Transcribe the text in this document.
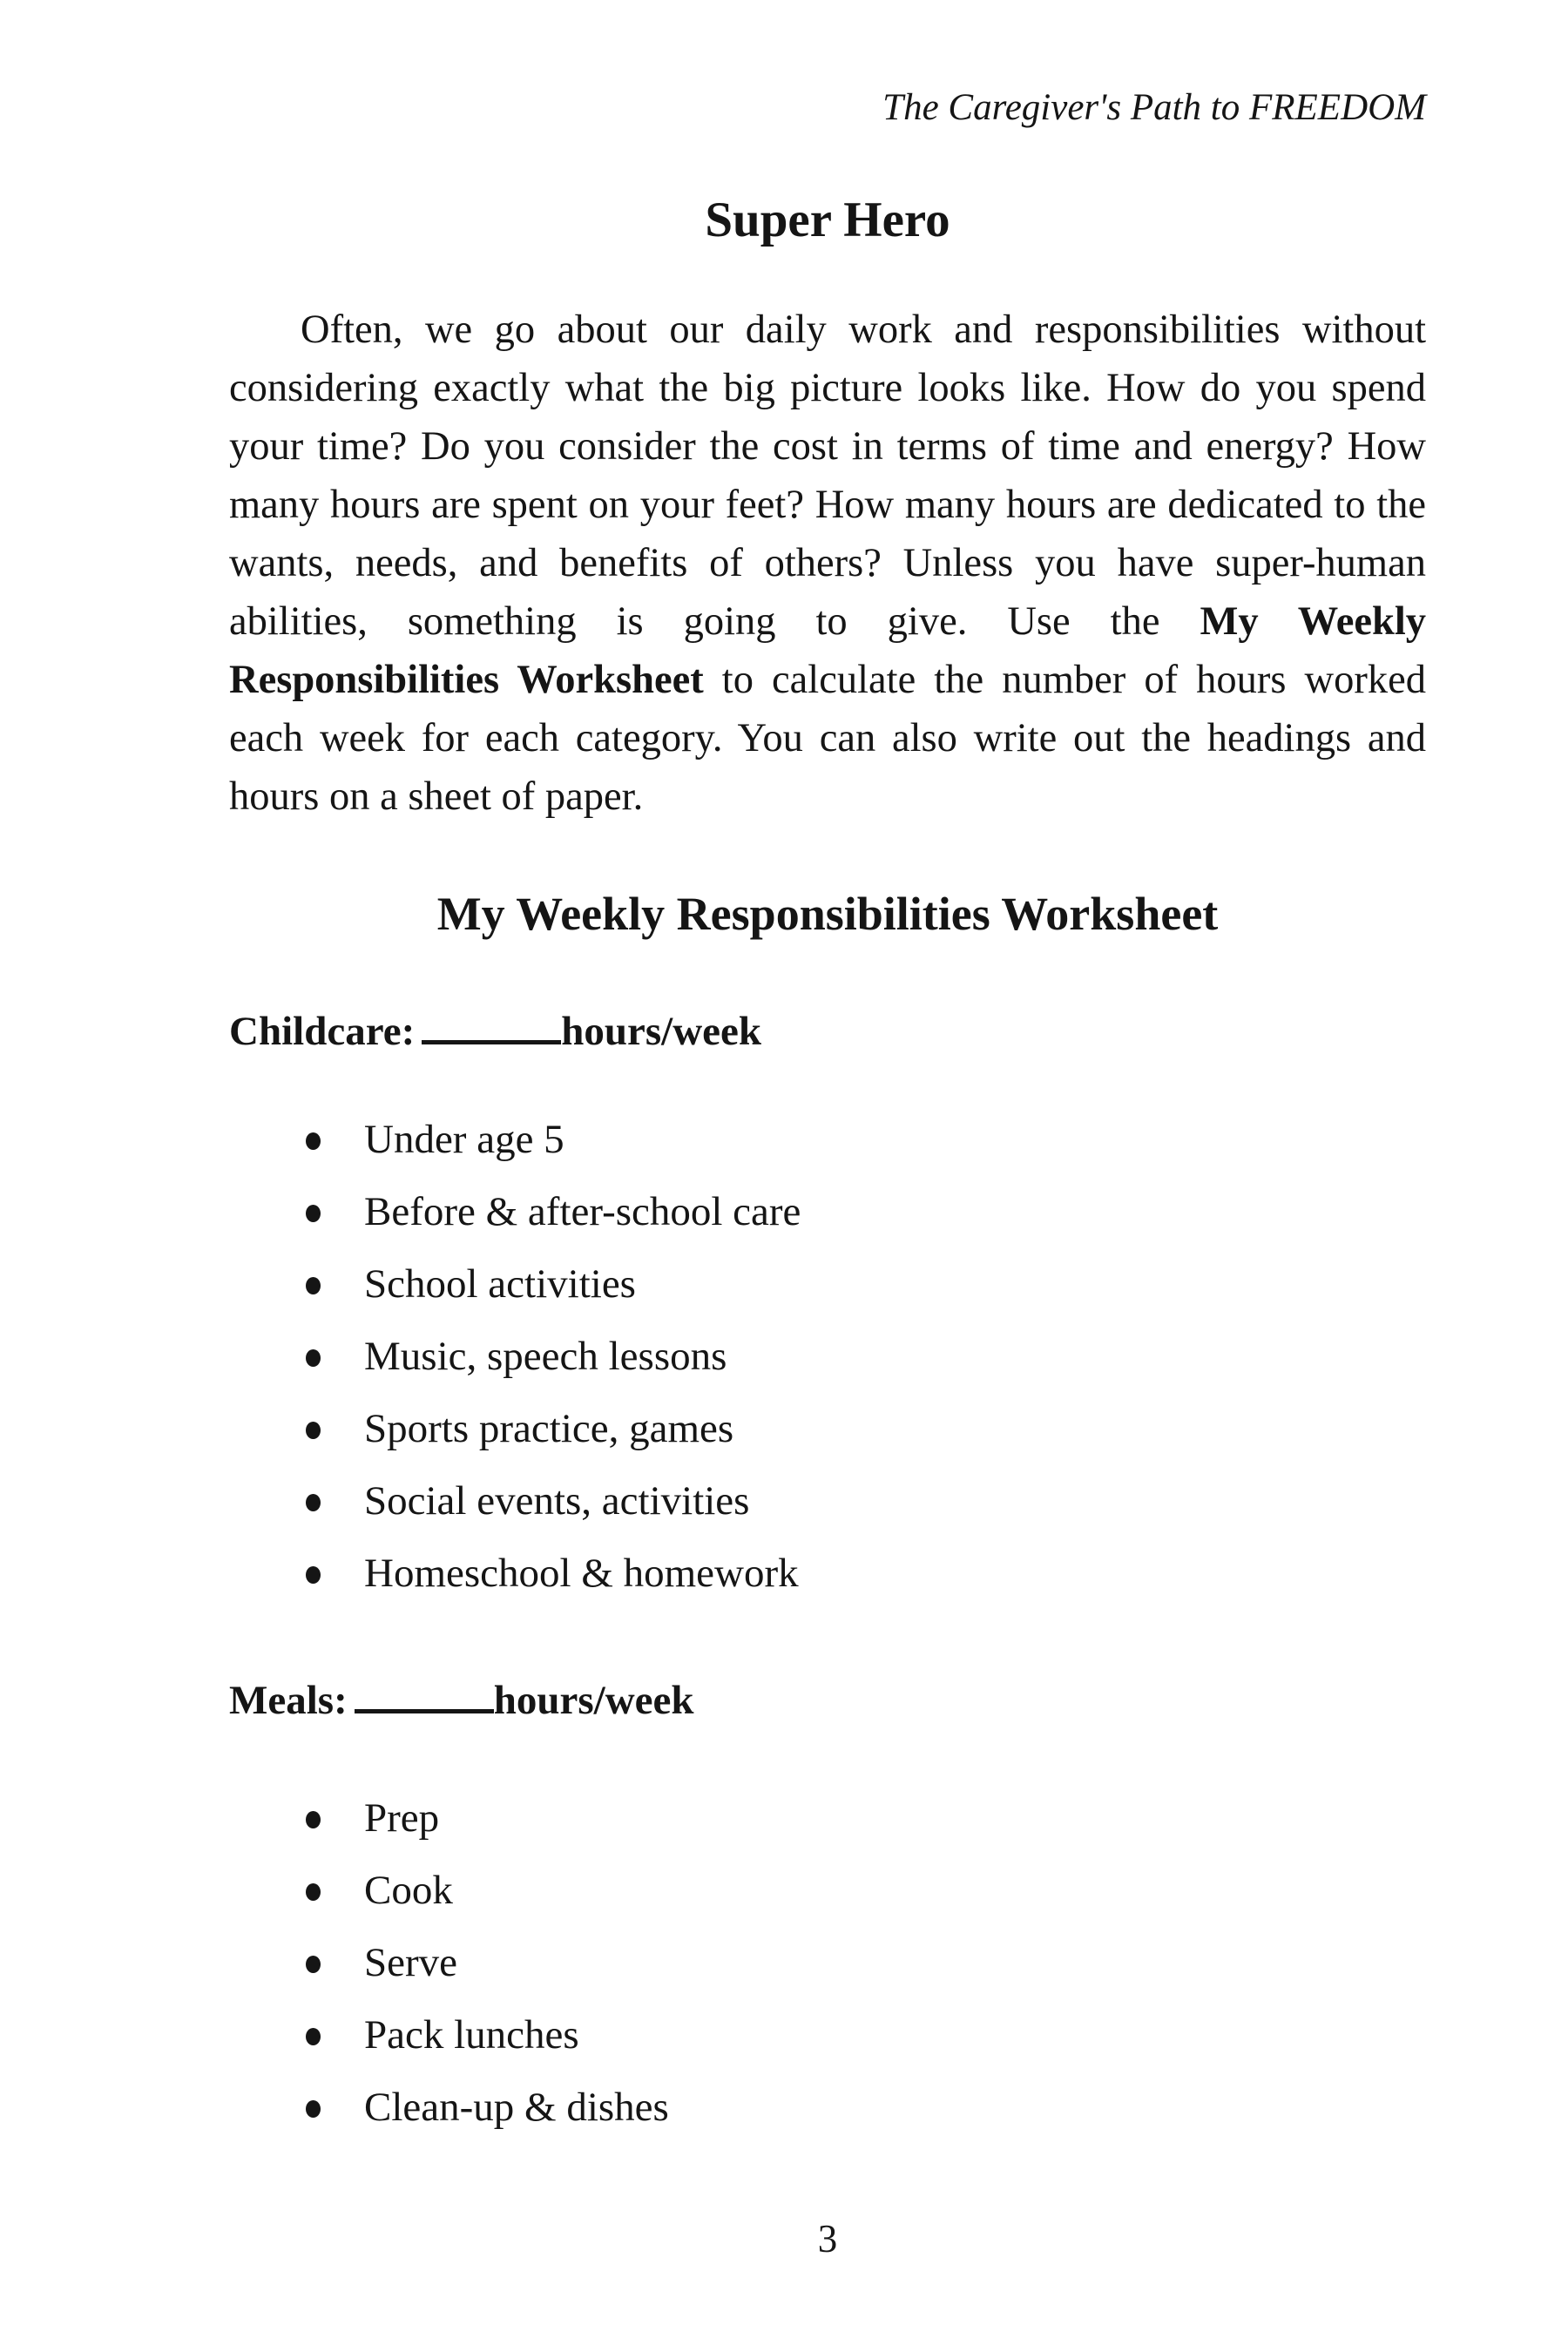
The Caregiver's Path to FREEDOM
Super Hero

Often, we go about our daily work and responsibilities without considering exactly what the big picture looks like. How do you spend your time? Do you consider the cost in terms of time and energy? How many hours are spent on your feet? How many hours are dedicated to the wants, needs, and benefits of others? Unless you have super-human abilities, something is going to give. Use the My Weekly Responsibilities Worksheet to calculate the number of hours worked each week for each category. You can also write out the headings and hours on a sheet of paper.

My Weekly Responsibilities Worksheet
Childcare:	hours/week
Under age 5
Before & after-school care
School activities
Music, speech lessons
Sports practice, games
Social events, activities
Homeschool & homework
Meals:	hours/week
Prep
Cook
Serve
Pack lunches
Clean-up & dishes
3
